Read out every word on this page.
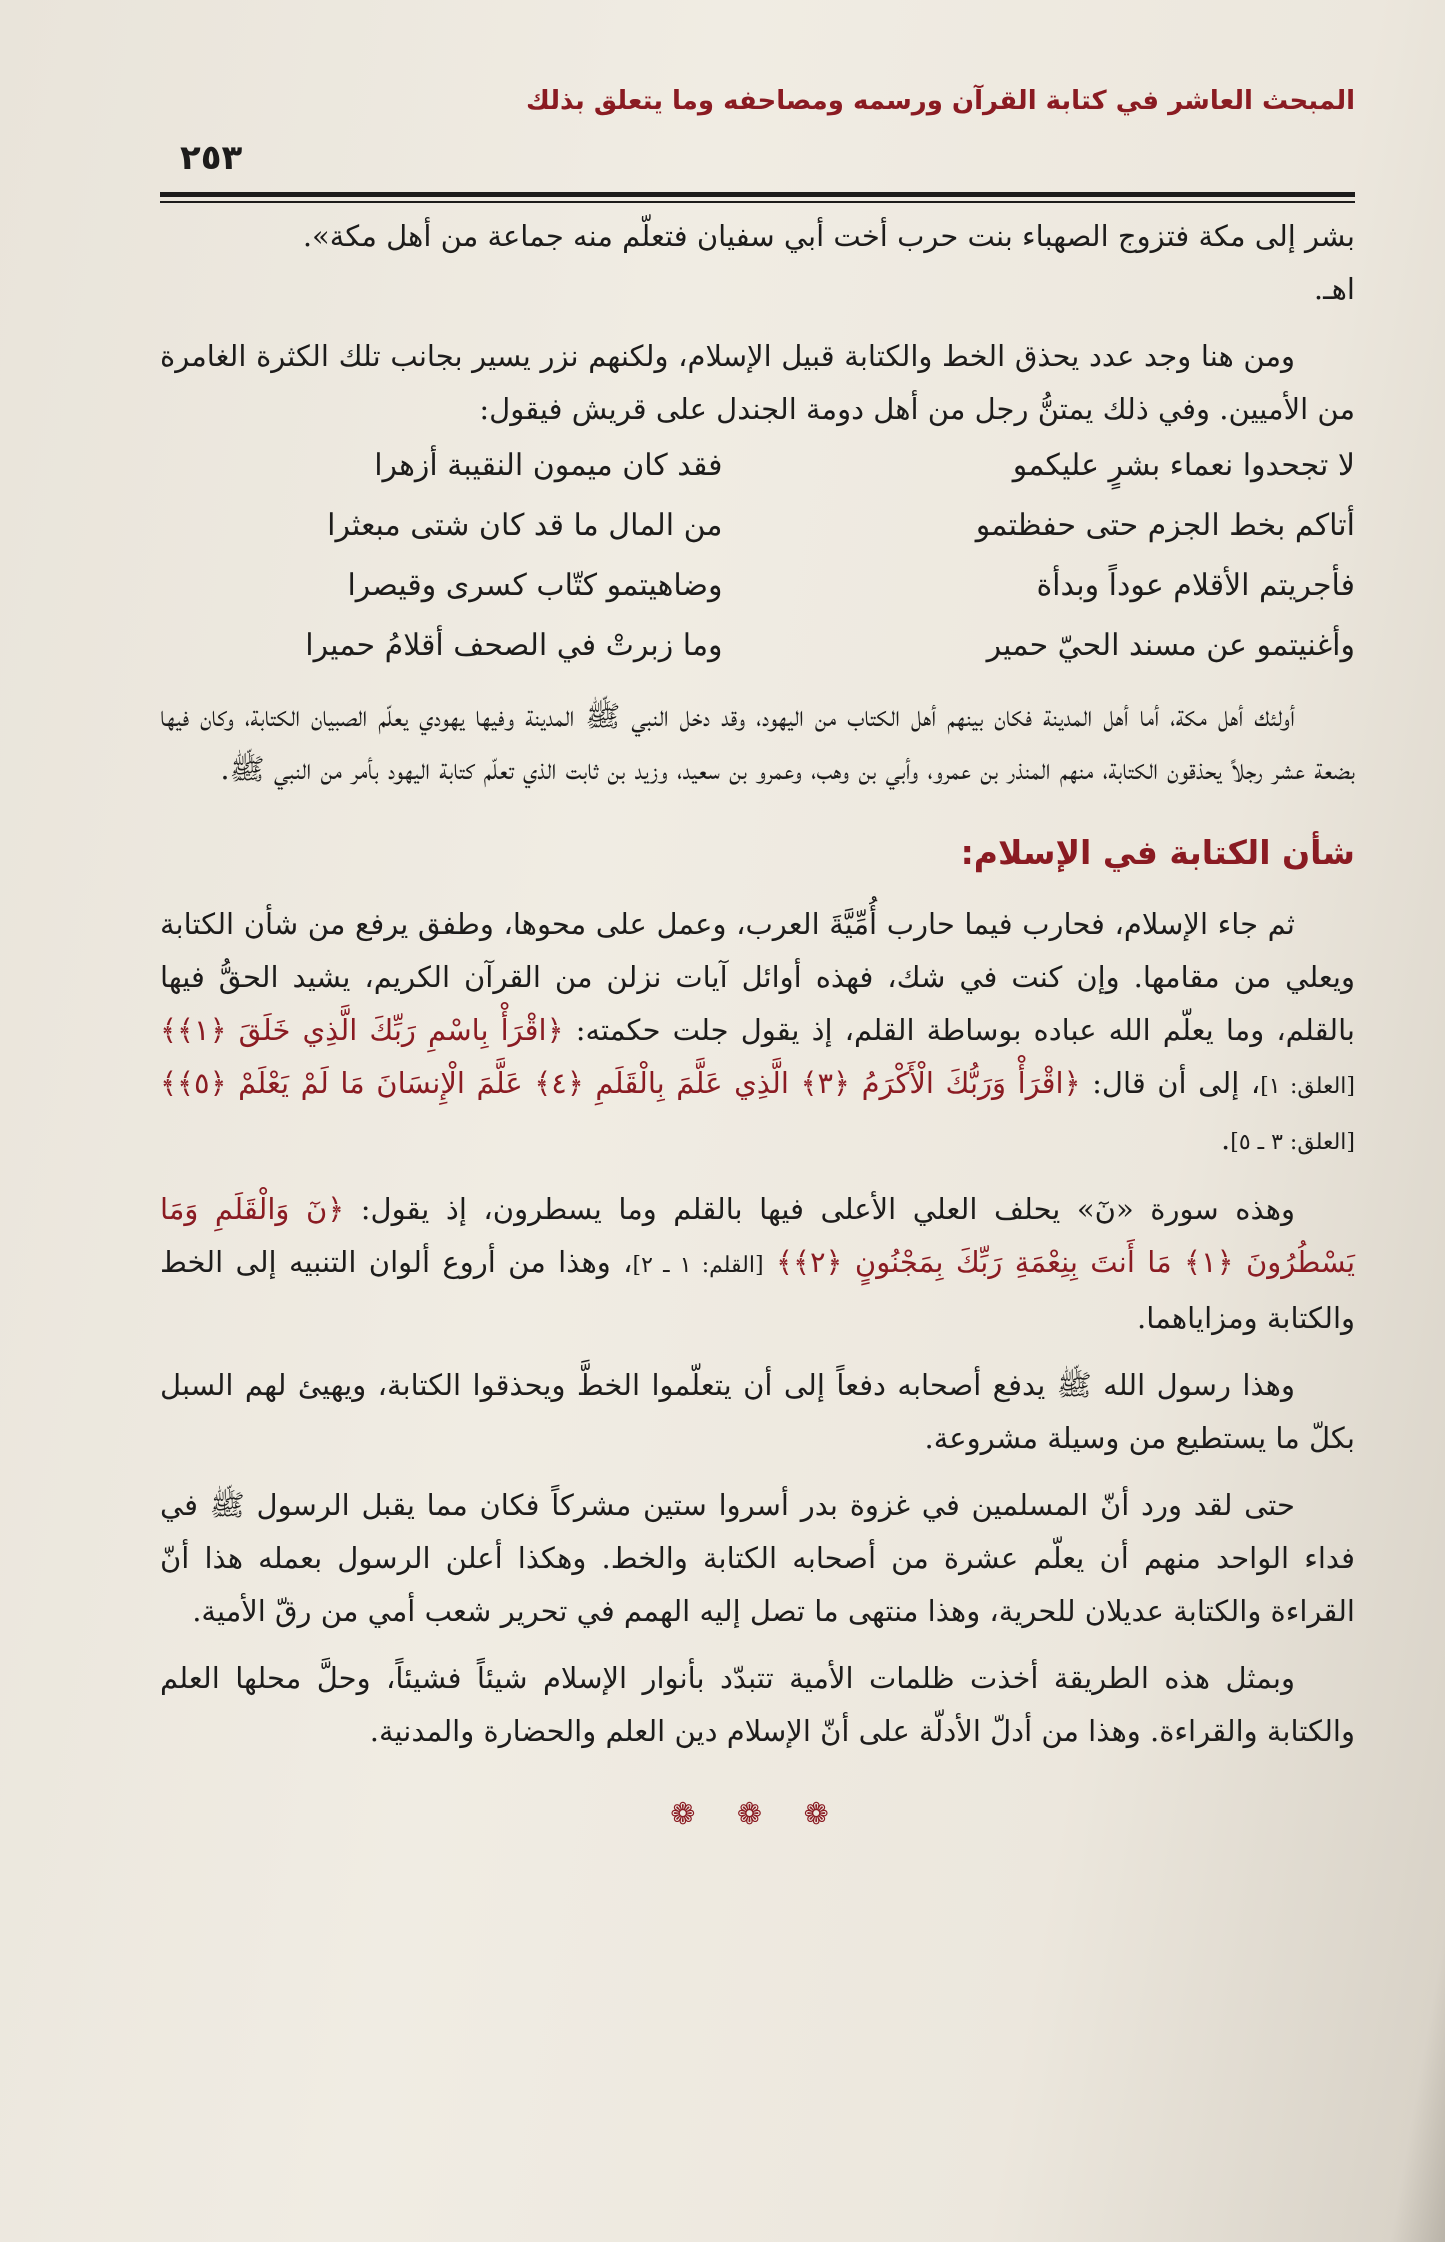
المبحث العاشر في كتابة القرآن ورسمه ومصاحفه وما يتعلق بذلك
٢٥٣

بشر إلى مكة فتزوج الصهباء بنت حرب أخت أبي سفيان فتعلّم منه جماعة من أهل مكة».

اهـ.

ومن هنا وجد عدد يحذق الخط والكتابة قبيل الإسلام، ولكنهم نزر يسير بجانب تلك الكثرة الغامرة من الأميين. وفي ذلك يمتنُّ رجل من أهل دومة الجندل على قريش فيقول:

لا تجحدوا نعماء بشرٍ عليكمو
فقد كان ميمون النقيبة أزهرا
أتاكم بخط الجزم حتى حفظتمو
من المال ما قد كان شتى مبعثرا
فأجريتم الأقلام عوداً وبدأة
وضاهيتمو كتّاب كسرى وقيصرا
وأغنيتمو عن مسند الحيّ حمير
وما زبرتْ في الصحف أقلامُ حميرا

أولئك أهل مكة، أما أهل المدينة فكان بينهم أهل الكتاب من اليهود، وقد دخل النبي ﷺ المدينة وفيها يهودي يعلّم الصبيان الكتابة، وكان فيها بضعة عشر رجلاً يحذقون الكتابة، منهم المنذر بن عمرو، وأبي بن وهب، وعمرو بن سعيد، وزيد بن ثابت الذي تعلّم كتابة اليهود بأمر من النبي ﷺ.

شأن الكتابة في الإسلام:

ثم جاء الإسلام، فحارب فيما حارب أُمِّيَّةَ العرب، وعمل على محوها، وطفق يرفع من شأن الكتابة ويعلي من مقامها. وإن كنت في شك، فهذه أوائل آيات نزلن من القرآن الكريم، يشيد الحقُّ فيها بالقلم، وما يعلّم الله عباده بوساطة القلم، إذ يقول جلت حكمته: ﴿اقْرَأْ بِاسْمِ رَبِّكَ الَّذِي خَلَقَ ﴿١﴾﴾ [العلق: ١]، إلى أن قال: ﴿اقْرَأْ وَرَبُّكَ الْأَكْرَمُ ﴿٣﴾ الَّذِي عَلَّمَ بِالْقَلَمِ ﴿٤﴾ عَلَّمَ الْإِنسَانَ مَا لَمْ يَعْلَمْ ﴿٥﴾﴾ [العلق: ٣ ـ ٥].

وهذه سورة «نٓ» يحلف العلي الأعلى فيها بالقلم وما يسطرون، إذ يقول: ﴿نٓ وَالْقَلَمِ وَمَا يَسْطُرُونَ ﴿١﴾ مَا أَنتَ بِنِعْمَةِ رَبِّكَ بِمَجْنُونٍ ﴿٢﴾﴾ [القلم: ١ ـ ٢]، وهذا من أروع ألوان التنبيه إلى الخط والكتابة ومزاياهما.

وهذا رسول الله ﷺ يدفع أصحابه دفعاً إلى أن يتعلّموا الخطَّ ويحذقوا الكتابة، ويهيئ لهم السبل بكلّ ما يستطيع من وسيلة مشروعة.

حتى لقد ورد أنّ المسلمين في غزوة بدر أسروا ستين مشركاً فكان مما يقبل الرسول ﷺ في فداء الواحد منهم أن يعلّم عشرة من أصحابه الكتابة والخط. وهكذا أعلن الرسول بعمله هذا أنّ القراءة والكتابة عديلان للحرية، وهذا منتهى ما تصل إليه الهمم في تحرير شعب أمي من رقّ الأمية.

وبمثل هذه الطريقة أخذت ظلمات الأمية تتبدّد بأنوار الإسلام شيئاً فشيئاً، وحلَّ محلها العلم والكتابة والقراءة. وهذا من أدلّ الأدلّة على أنّ الإسلام دين العلم والحضارة والمدنية.

❁ ❁ ❁
